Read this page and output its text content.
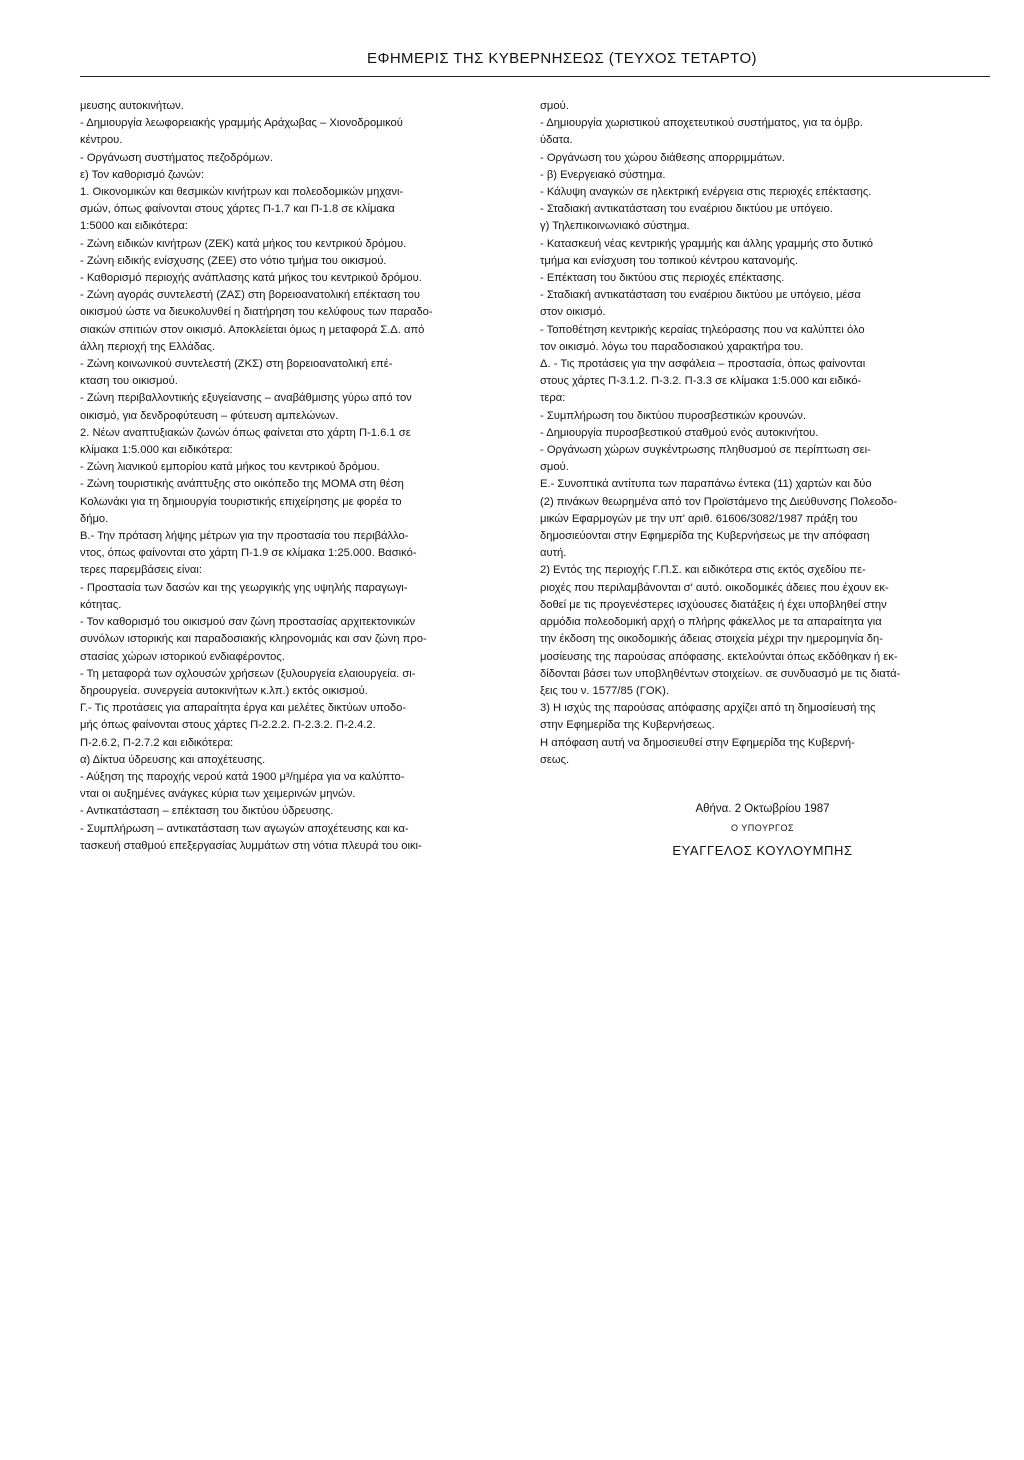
ΕΦΗΜΕΡΙΣ ΤΗΣ ΚΥΒΕΡΝΗΣΕΩΣ (ΤΕΥΧΟΣ ΤΕΤΑΡΤΟ)

μευσης αυτοκινήτων.

- Δημιουργία λεωφορειακής γραμμής Αράχωβας – Χιονοδρομικού

κέντρου.

- Οργάνωση συστήματος πεζοδρόμων.

ε) Τον καθορισμό ζωνών:

1. Οικονομικών και θεσμικών κινήτρων και πολεοδομικών μηχανι-

σμών, όπως φαίνονται στους χάρτες Π-1.7 και Π-1.8 σε κλίμακα

1:5000 και ειδικότερα:

- Ζώνη ειδικών κινήτρων (ΖΕΚ) κατά μήκος του κεντρικού δρόμου.

- Ζώνη ειδικής ενίσχυσης (ΖΕΕ) στο νότιο τμήμα του οικισμού.

- Καθορισμό περιοχής ανάπλασης κατά μήκος του κεντρικού δρόμου.

- Ζώνη αγοράς συντελεστή (ΖΑΣ) στη βορειοανατολική επέκταση του

οικισμού ώστε να διευκολυνθεί η διατήρηση του κελύφους των παραδο-

σιακών σπιτιών στον οικισμό. Αποκλείεται όμως η μεταφορά Σ.Δ. από

άλλη περιοχή της Ελλάδας.

- Ζώνη κοινωνικού συντελεστή (ΖΚΣ) στη βορειοανατολική επέ-

κταση του οικισμού.

- Ζώνη περιβαλλοντικής εξυγείανσης – αναβάθμισης γύρω από τον

οικισμό, για δενδροφύτευση – φύτευση αμπελώνων.

2. Νέων αναπτυξιακών ζωνών όπως φαίνεται στο χάρτη Π-1.6.1 σε

κλίμακα 1:5.000 και ειδικότερα:

- Ζώνη λιανικού εμπορίου κατά μήκος του κεντρικού δρόμου.

- Ζώνη τουριστικής ανάπτυξης στο οικόπεδο της ΜΟΜΑ στη θέση

Κολωνάκι για τη δημιουργία τουριστικής επιχείρησης με φορέα το

δήμο.

Β.- Την πρόταση λήψης μέτρων για την προστασία του περιβάλλο-

ντος, όπως φαίνονται στο χάρτη Π-1.9 σε κλίμακα 1:25.000. Βασικό-

τερες παρεμβάσεις είναι:

- Προστασία των δασών και της γεωργικής γης υψηλής παραγωγι-

κότητας.

- Τον καθορισμό του οικισμού σαν ζώνη προστασίας αρχιτεκτονικών

συνόλων ιστορικής και παραδοσιακής κληρονομιάς και σαν ζώνη προ-

στασίας χώρων ιστορικού ενδιαφέροντος.

- Τη μεταφορά των οχλουσών χρήσεων (ξυλουργεία ελαιουργεία. σι-

δηρουργεία. συνεργεία αυτοκινήτων κ.λπ.) εκτός οικισμού.

Γ.- Τις προτάσεις για απαραίτητα έργα και μελέτες δικτύων υποδο-

μής όπως φαίνονται στους χάρτες Π-2.2.2. Π-2.3.2. Π-2.4.2.

Π-2.6.2, Π-2.7.2 και ειδικότερα:

α) Δίκτυα ύδρευσης και αποχέτευσης.

- Αύξηση της παροχής νερού κατά 1900 μ³/ημέρα για να καλύπτο-

νται οι αυξημένες ανάγκες κύρια των χειμερινών μηνών.

- Αντικατάσταση – επέκταση του δικτύου ύδρευσης.

- Συμπλήρωση – αντικατάσταση των αγωγών αποχέτευσης και κα-

τασκευή σταθμού επεξεργασίας λυμμάτων στη νότια πλευρά του οικι-

σμού.

- Δημιουργία χωριστικού αποχετευτικού συστήματος, για τα όμβρ.

ύδατα.

- Οργάνωση του χώρου διάθεσης απορριμμάτων.

- β) Ενεργειακό σύστημα.

- Κάλυψη αναγκών σε ηλεκτρική ενέργεια στις περιοχές επέκτασης.

- Σταδιακή αντικατάσταση του εναέριου δικτύου με υπόγειο.

γ) Τηλεπικοινωνιακό σύστημα.

- Κατασκευή νέας κεντρικής γραμμής και άλλης γραμμής στο δυτικό

τμήμα και ενίσχυση του τοπικού κέντρου κατανομής.

- Επέκταση του δικτύου στις περιοχές επέκτασης.

- Σταδιακή αντικατάσταση του εναέριου δικτύου με υπόγειο, μέσα

στον οικισμό.

- Τοποθέτηση κεντρικής κεραίας τηλεόρασης που να καλύπτει όλο

τον οικισμό. λόγω του παραδοσιακού χαρακτήρα του.

Δ. - Τις προτάσεις για την ασφάλεια – προστασία, όπως φαίνονται

στους χάρτες Π-3.1.2. Π-3.2. Π-3.3 σε κλίμακα 1:5.000 και ειδικό-

τερα:

- Συμπλήρωση του δικτύου πυροσβεστικών κρουνών.

- Δημιουργία πυροσβεστικού σταθμού ενός αυτοκινήτου.

- Οργάνωση χώρων συγκέντρωσης πληθυσμού σε περίπτωση σει-

σμού.

Ε.- Συνοπτικά αντίτυπα των παραπάνω έντεκα (11) χαρτών και δύο

(2) πινάκων θεωρημένα από τον Προϊστάμενο της Διεύθυνσης Πολεοδο-

μικών Εφαρμογών με την υπ' αριθ. 61606/3082/1987 πράξη του

δημοσιεύονται στην Εφημερίδα της Κυβερνήσεως με την απόφαση

αυτή.

2) Εντός της περιοχής Γ.Π.Σ. και ειδικότερα στις εκτός σχεδίου πε-

ριοχές που περιλαμβάνονται σ' αυτό. οικοδομικές άδειες που έχουν εκ-

δοθεί με τις προγενέστερες ισχύουσες διατάξεις ή έχει υποβληθεί στην

αρμόδια πολεοδομική αρχή ο πλήρης φάκελλος με τα απαραίτητα για

την έκδοση της οικοδομικής άδειας στοιχεία μέχρι την ημερομηνία δη-

μοσίευσης της παρούσας απόφασης. εκτελούνται όπως εκδόθηκαν ή εκ-

δίδονται βάσει των υποβληθέντων στοιχείων. σε συνδυασμό με τις διατά-

ξεις του ν. 1577/85 (ΓΟΚ).

3) Η ισχύς της παρούσας απόφασης αρχίζει από τη δημοσίευσή της

στην Εφημερίδα της Κυβερνήσεως.

Η απόφαση αυτή να δημοσιευθεί στην Εφημερίδα της Κυβερνή-

σεως.

Αθήνα. 2 Οκτωβρίου 1987
Ο ΥΠΟΥΡΓΟΣ
ΕΥΑΓΓΕΛΟΣ ΚΟΥΛΟΥΜΠΗΣ
